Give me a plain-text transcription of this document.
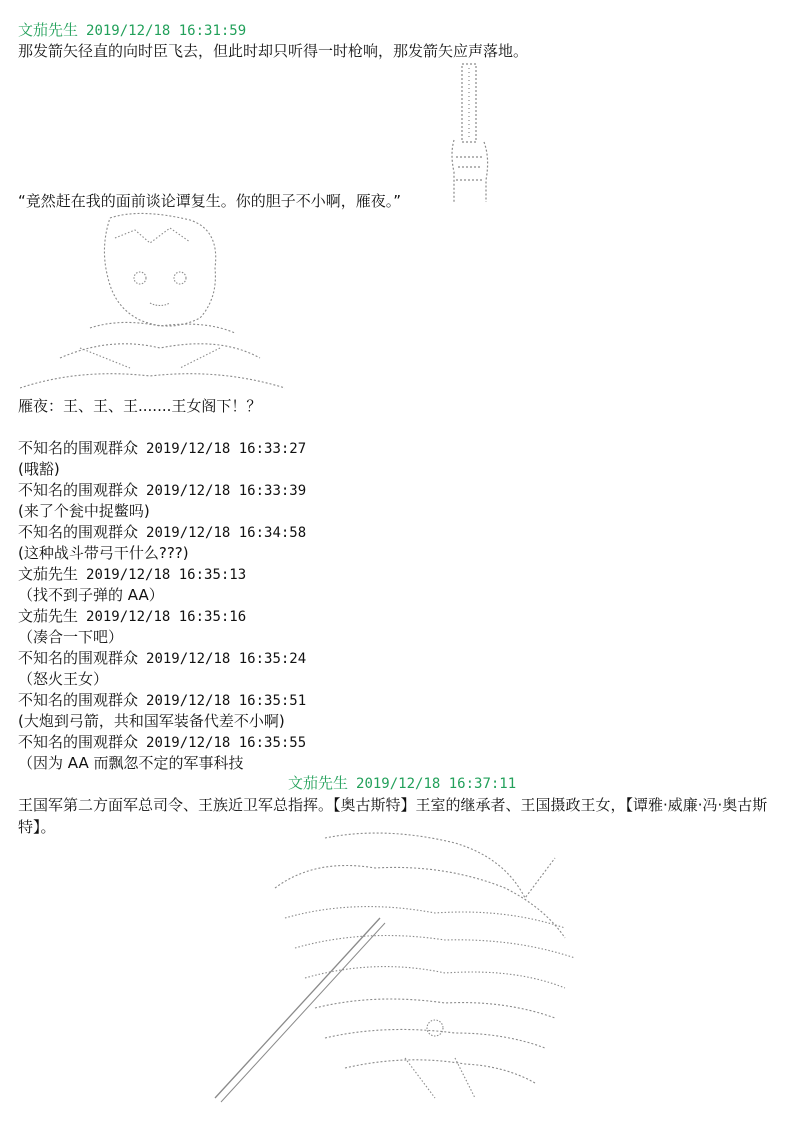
文茄先生 2019/12/18 16:31:59
那发箭矢径直的向时臣飞去，但此时却只听得一时枪响，那发箭矢应声落地。
“竟然赶在我的面前谈论谭复生。你的胆子不小啊，雁夜。”
雁夜：王、王、王.......王女阁下！？
不知名的围观群众 2019/12/18 16:33:27
(哦豁)
不知名的围观群众 2019/12/18 16:33:39
(来了个瓮中捉鳖吗)
不知名的围观群众 2019/12/18 16:34:58
(这种战斗带弓干什么???)
文茄先生 2019/12/18 16:35:13
（找不到子弹的 AA）
文茄先生 2019/12/18 16:35:16
（凑合一下吧）
不知名的围观群众 2019/12/18 16:35:24
（怒火王女）
不知名的围观群众 2019/12/18 16:35:51
(大炮到弓箭，共和国军装备代差不小啊)
不知名的围观群众 2019/12/18 16:35:55
（因为 AA 而飘忽不定的军事科技
文茄先生 2019/12/18 16:37:11
王国军第二方面军总司令、王族近卫军总指挥。【奥古斯特】王室的继承者、王国摄政王女，【谭雅·威廉·冯·奥古斯特】。
